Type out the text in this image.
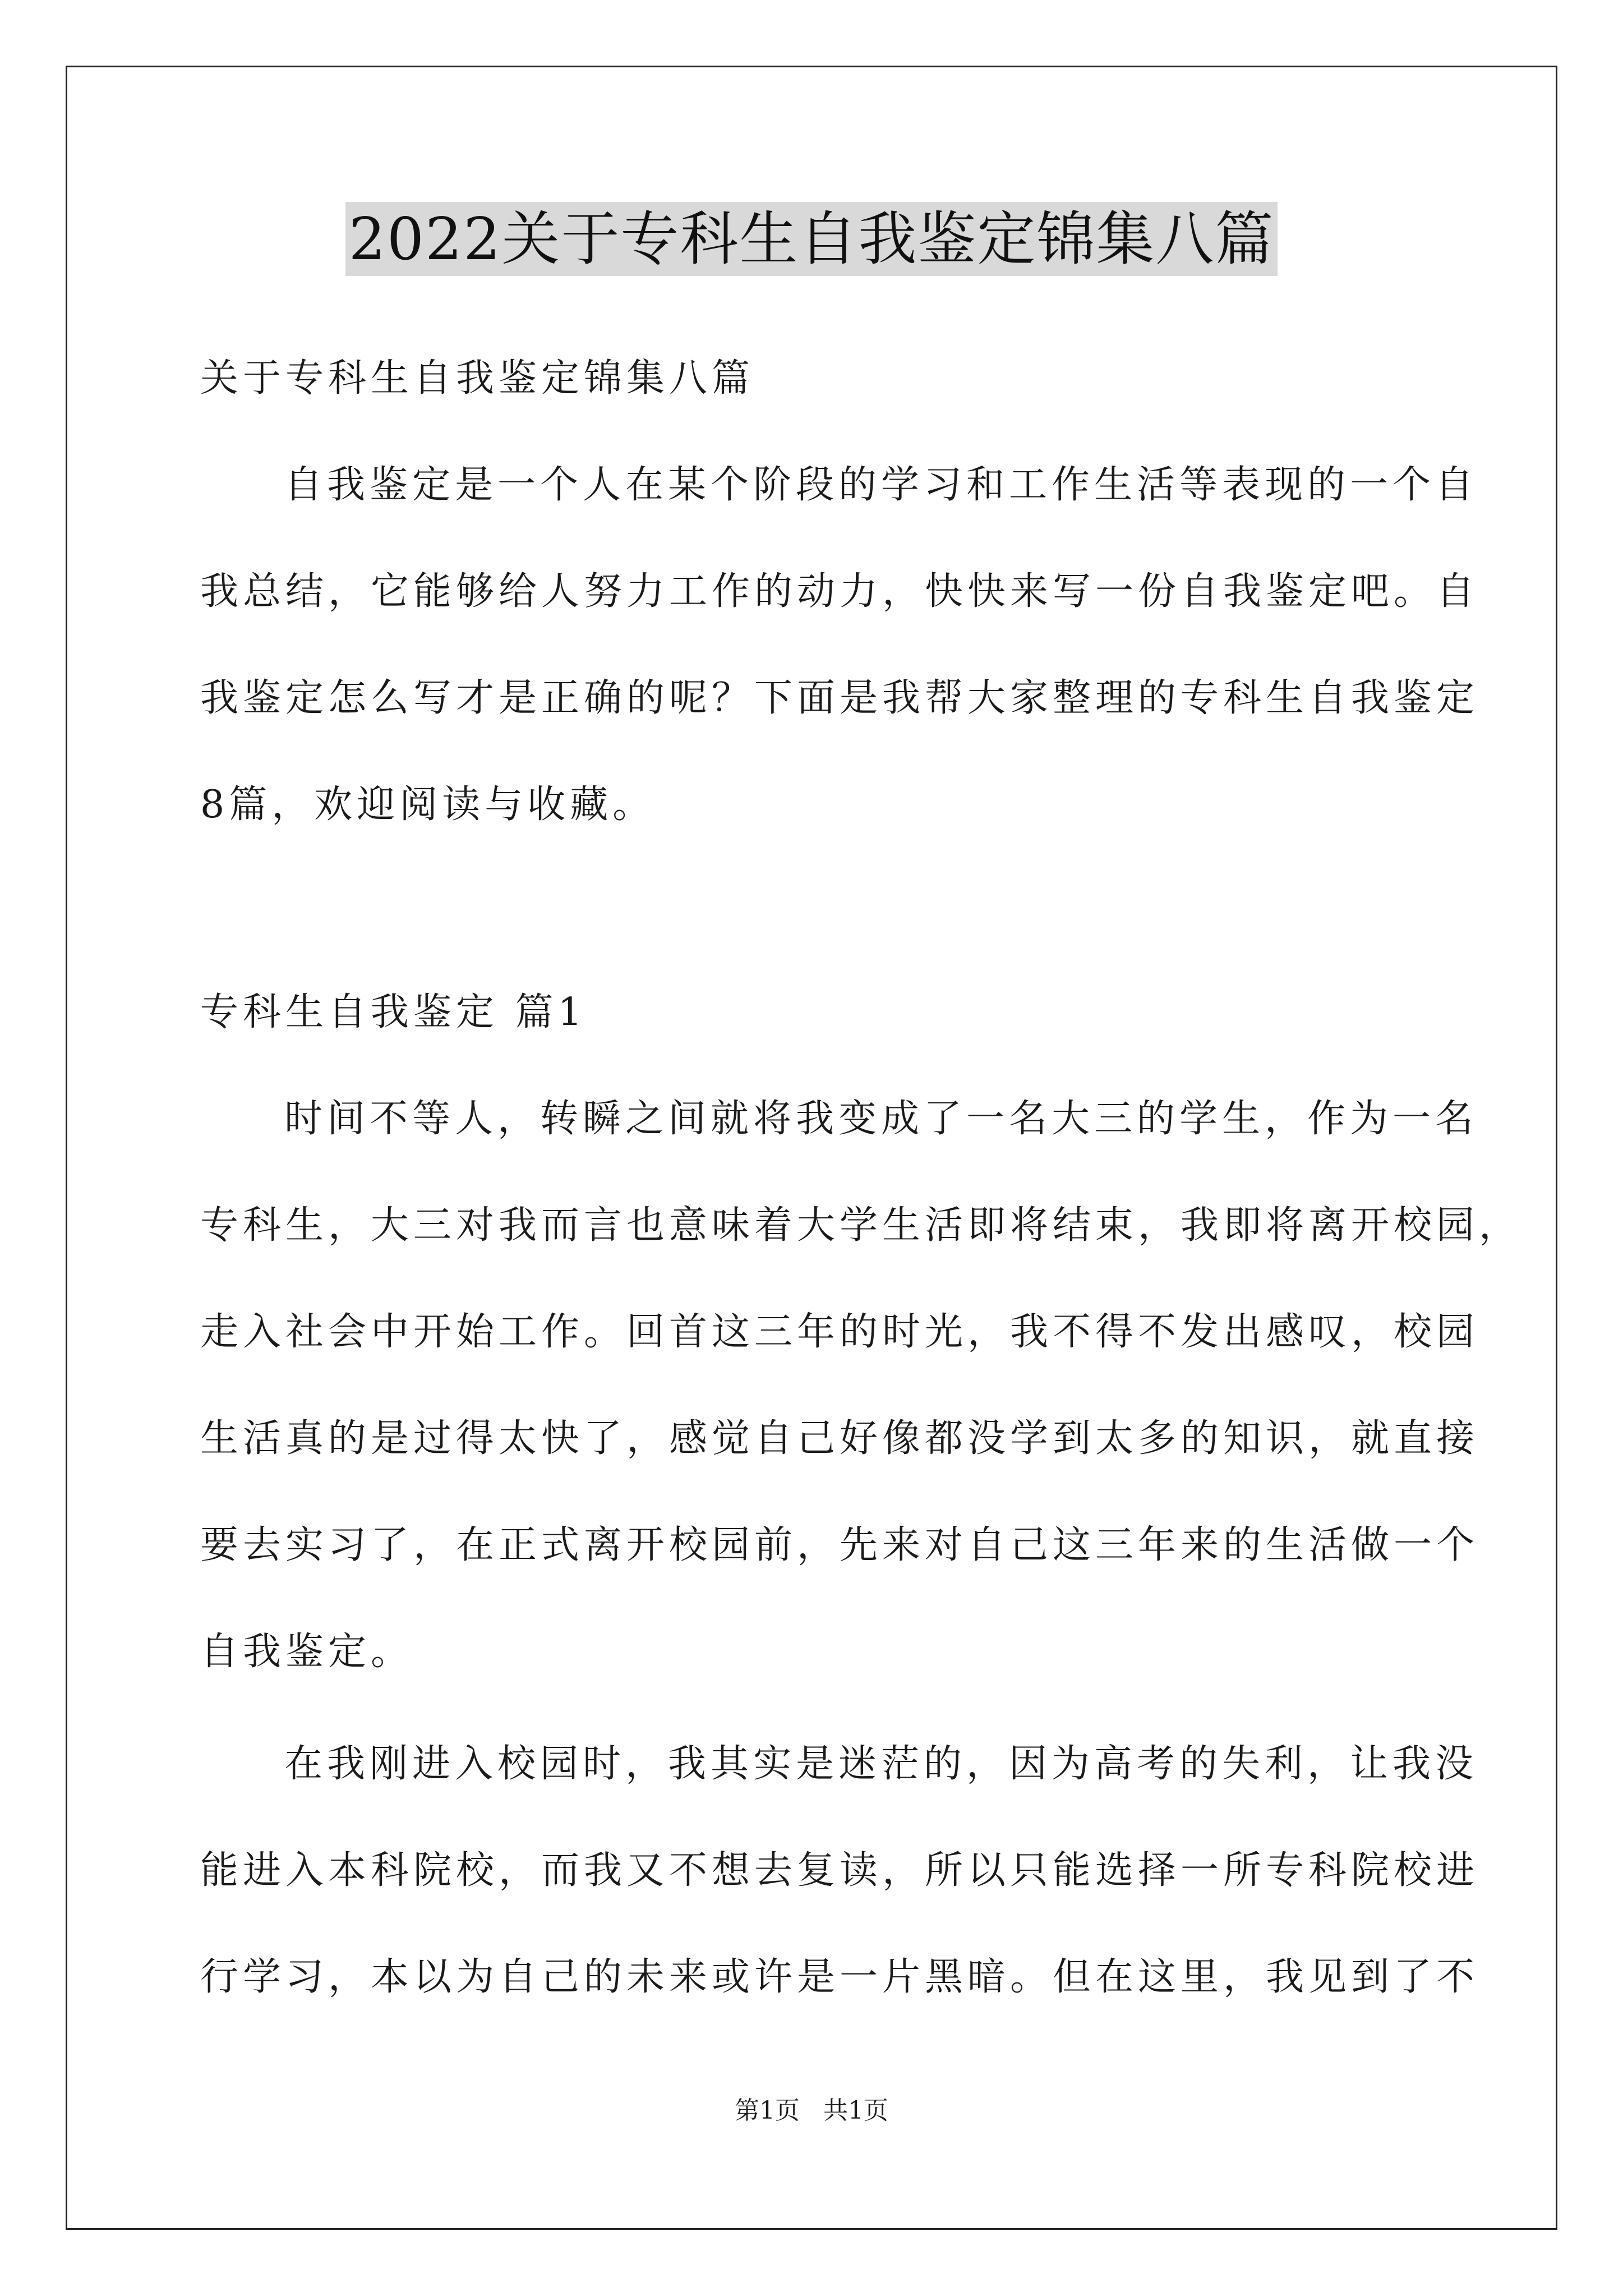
2022关于专科生自我鉴定锦集八篇
关于专科生自我鉴定锦集八篇
自我鉴定是一个人在某个阶段的学习和工作生活等表现的一个自
我总结，它能够给人努力工作的动力，快快来写一份自我鉴定吧。自
我鉴定怎么写才是正确的呢？下面是我帮大家整理的专科生自我鉴定
8篇，欢迎阅读与收藏。
专科生自我鉴定 篇1
时间不等人，转瞬之间就将我变成了一名大三的学生，作为一名
专科生，大三对我而言也意味着大学生活即将结束，我即将离开校园，
走入社会中开始工作。回首这三年的时光，我不得不发出感叹，校园
生活真的是过得太快了，感觉自己好像都没学到太多的知识，就直接
要去实习了，在正式离开校园前，先来对自己这三年来的生活做一个
自我鉴定。
在我刚进入校园时，我其实是迷茫的，因为高考的失利，让我没
能进入本科院校，而我又不想去复读，所以只能选择一所专科院校进
行学习，本以为自己的未来或许是一片黑暗。但在这里，我见到了不
第1页   共1页
